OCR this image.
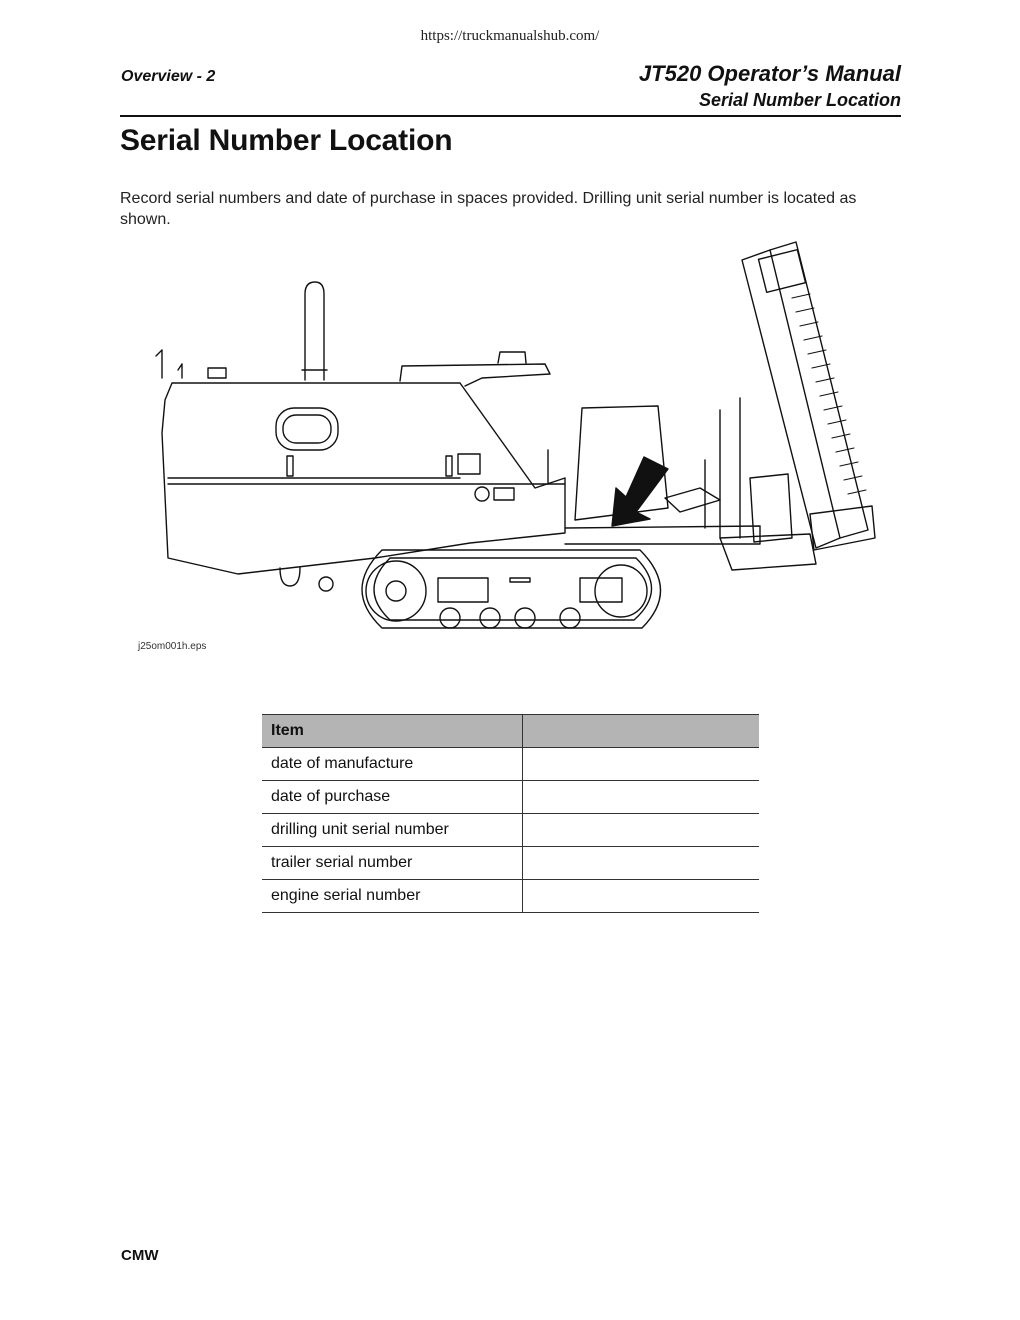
https://truckmanualshub.com/
Overview - 2	JT520 Operator’s Manual
Serial Number Location
Serial Number Location

Record serial numbers and date of purchase in spaces provided. Drilling unit serial number is located as shown.

j25om001h.eps
Item	
date of manufacture	
date of purchase	
drilling unit serial number	
trailer serial number	
engine serial number	
CMW
